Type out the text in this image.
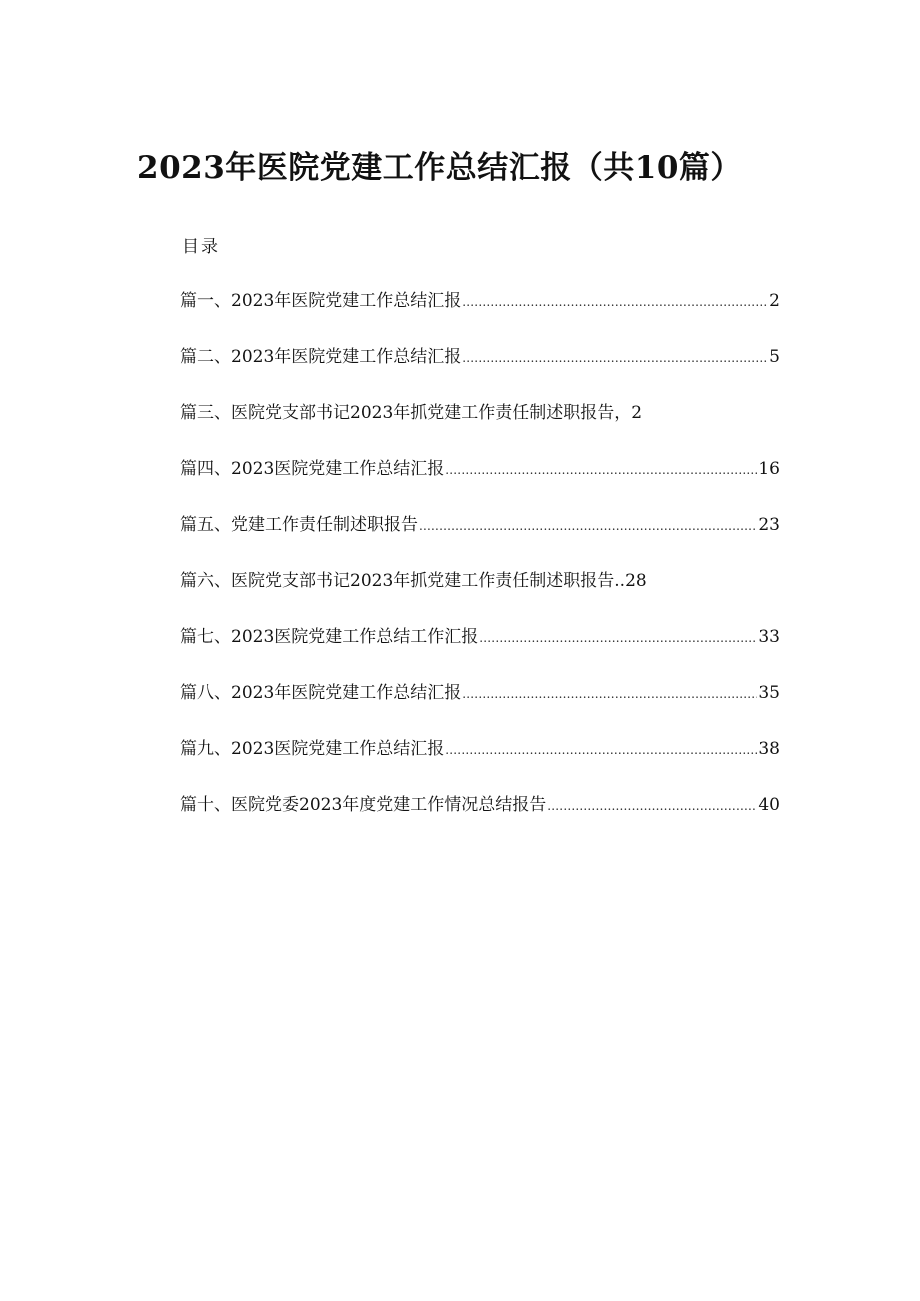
2023年医院党建工作总结汇报（共10篇）
目录
篇一、2023年医院党建工作总结汇报 .....	2
篇二、2023年医院党建工作总结汇报 .....	5
篇三、医院党支部书记2023年抓党建工作责任制述职报告，2
篇四、2023医院党建工作总结汇报 .....	16
篇五、党建工作责任制述职报告 .....	23
篇六、医院党支部书记2023年抓党建工作责任制述职报告..28
篇七、2023医院党建工作总结工作汇报 .....	33
篇八、2023年医院党建工作总结汇报 .....	35
篇九、2023医院党建工作总结汇报 .....	38
篇十、医院党委2023年度党建工作情况总结报告 .....	40
